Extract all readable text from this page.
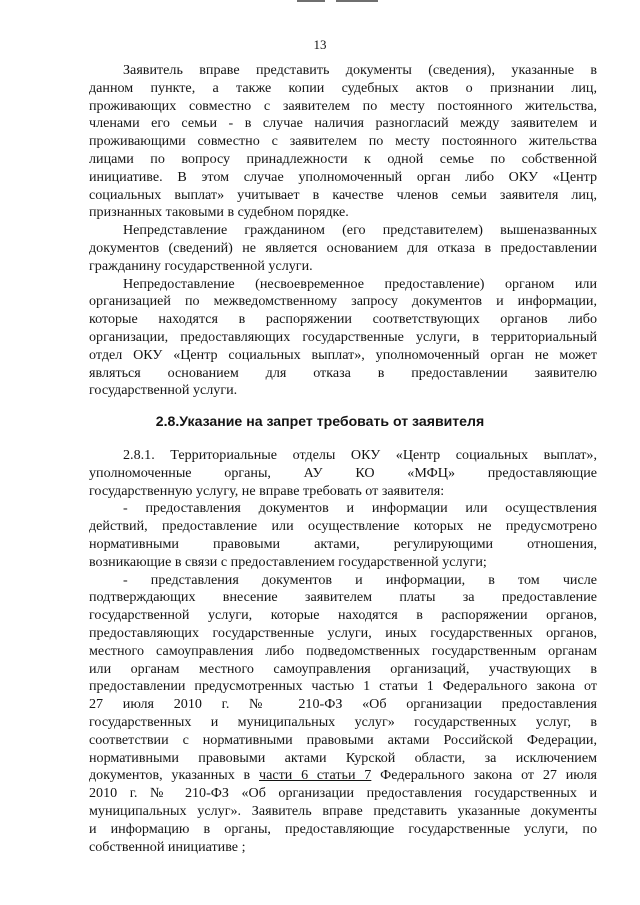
13

Заявитель вправе представить документы (сведения), указанные в
данном пункте, а также копии судебных актов о признании лиц,
проживающих совместно с заявителем по месту постоянного жительства,
членами его семьи - в случае наличия разногласий между заявителем и
проживающими совместно с заявителем по месту постоянного жительства
лицами по вопросу принадлежности к одной семье по собственной
инициативе. В этом случае уполномоченный орган либо ОКУ «Центр
социальных выплат» учитывает в качестве членов семьи заявителя лиц,
признанных таковыми в судебном порядке.

Непредставление гражданином (его представителем) вышеназванных
документов (сведений) не является основанием для отказа в предоставлении
гражданину государственной услуги.

Непредоставление (несвоевременное предоставление) органом или
организацией по межведомственному запросу документов и информации,
которые находятся в распоряжении соответствующих органов либо
организации, предоставляющих государственные услуги, в территориальный
отдел ОКУ «Центр социальных выплат», уполномоченный орган не может
являться основанием для отказа в предоставлении заявителю
государственной услуги.

2.8.Указание на запрет требовать от заявителя

2.8.1. Территориальные отделы ОКУ «Центр социальных выплат»,
уполномоченные органы, АУ КО «МФЦ» предоставляющие
государственную услугу, не вправе требовать от заявителя:

- предоставления документов и информации или осуществления
действий, предоставление или осуществление которых не предусмотрено
нормативными правовыми актами, регулирующими отношения,
возникающие в связи с предоставлением государственной услуги;

- представления документов и информации, в том числе
подтверждающих внесение заявителем платы за предоставление
государственной услуги, которые находятся в распоряжении органов,
предоставляющих государственные услуги, иных государственных органов,
местного самоуправления либо подведомственных государственным органам
или органам местного самоуправления организаций, участвующих в
предоставлении предусмотренных частью 1 статьи 1 Федерального закона от
27 июля 2010 г. № 210-ФЗ «Об организации предоставления
государственных и муниципальных услуг» государственных услуг, в
соответствии с нормативными правовыми актами Российской Федерации,
нормативными правовыми актами Курской области, за исключением
документов, указанных в части 6 статьи 7 Федерального закона от 27 июля
2010 г. № 210-ФЗ «Об организации предоставления государственных и
муниципальных услуг». Заявитель вправе представить указанные документы
и информацию в органы, предоставляющие государственные услуги, по
собственной инициативе ;
